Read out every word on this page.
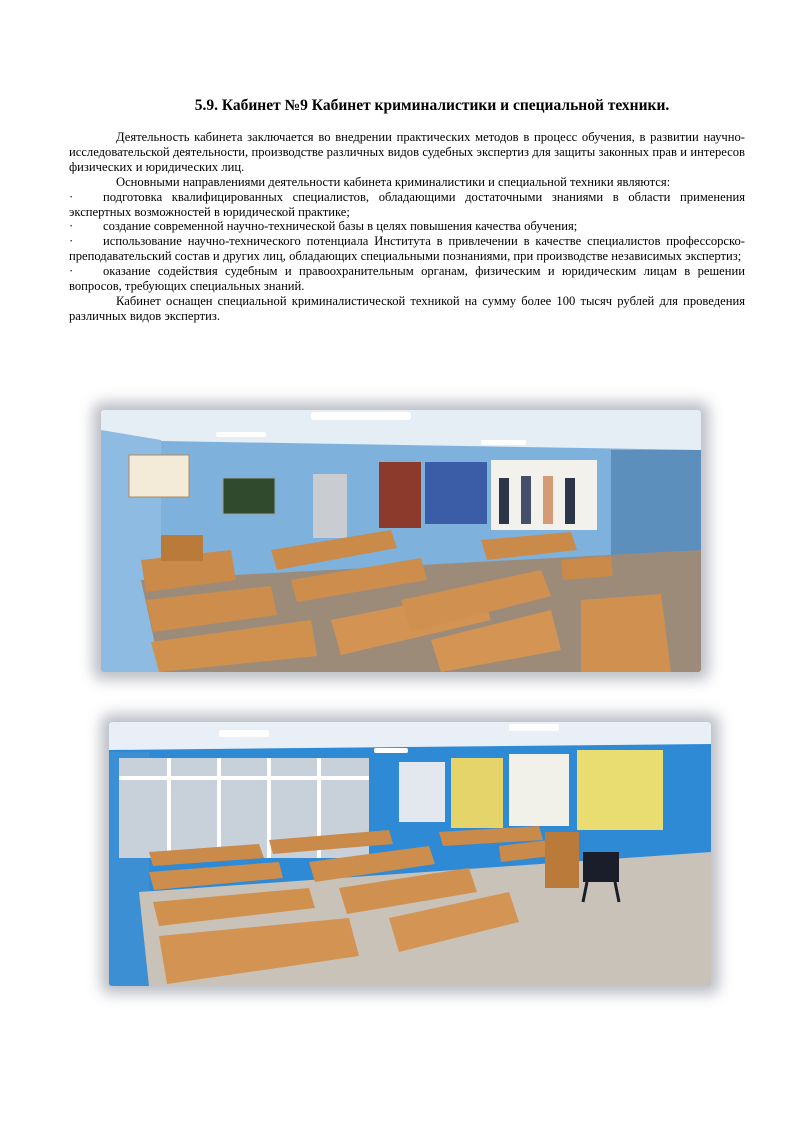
5.9. Кабинет №9 Кабинет криминалистики и специальной техники.

Деятельность кабинета заключается во внедрении практических методов в процесс обучения, в развитии научно-исследовательской деятельности, производстве различных видов судебных экспертиз для защиты законных прав и интересов физических и юридических лиц.

Основными направлениями деятельности кабинета криминалистики и специальной техники являются:

· подготовка квалифицированных специалистов, обладающими достаточными знаниями в области применения экспертных возможностей в юридической практике;

· создание современной научно-технической базы в целях повышения качества обучения;

· использование научно-технического потенциала Института в привлечении в качестве специалистов профессорско-преподавательский состав и других лиц, обладающих специальными познаниями, при производстве независимых экспертиз;

· оказание содействия судебным и правоохранительным органам, физическим и юридическим лицам в решении вопросов, требующих специальных знаний.

Кабинет оснащен специальной криминалистической техникой на сумму более 100 тысяч рублей для проведения различных видов экспертиз.
